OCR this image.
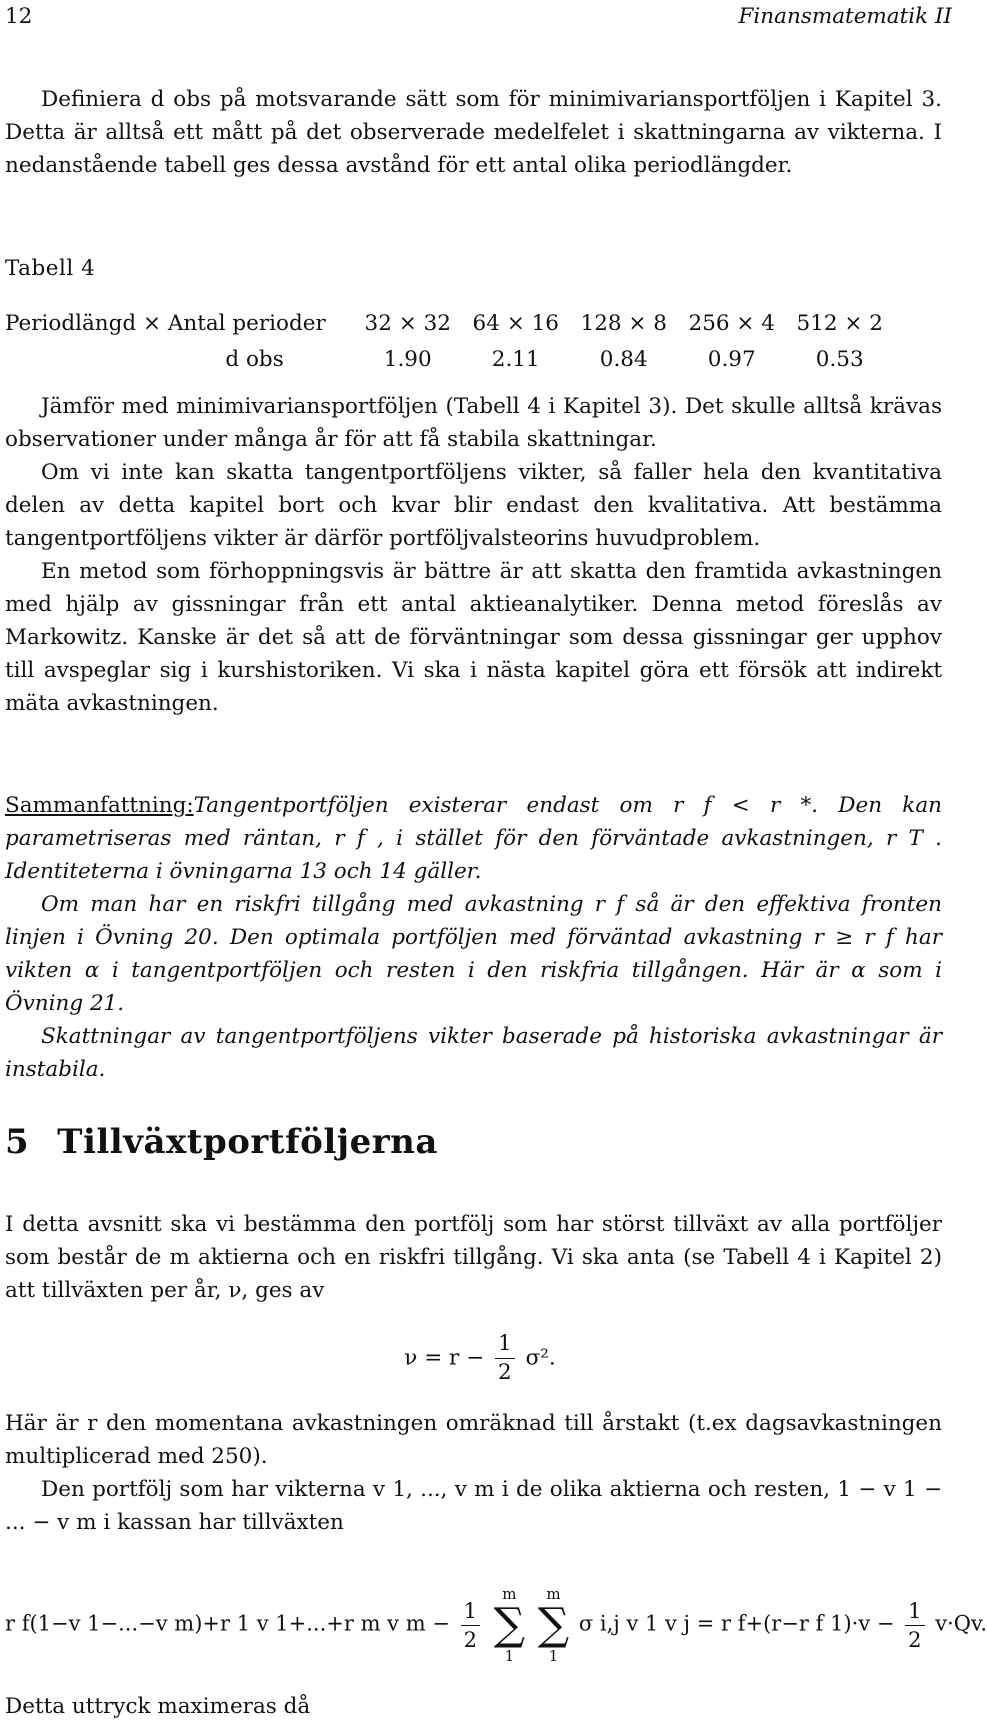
12	Finansmatematik II

Definiera d obs på motsvarande sätt som för minimivariansportföljen i Kapitel 3. Detta är alltså ett mått på det observerade medelfelet i skattningarna av vikterna. I nedanstående tabell ges dessa avstånd för ett antal olika periodlängder.

Tabell 4
Periodlängd × Antal perioder	32 × 32	64 × 16	128 × 8	256 × 4	512 × 2
d obs	1.90	2.11	0.84	0.97	0.53

Jämför med minimivariansportföljen (Tabell 4 i Kapitel 3). Det skulle alltså krävas observationer under många år för att få stabila skattningar.

Om vi inte kan skatta tangentportföljens vikter, så faller hela den kvantitativa delen av detta kapitel bort och kvar blir endast den kvalitativa. Att bestämma tangentportföljens vikter är därför portföljvalsteorins huvudproblem.

En metod som förhoppningsvis är bättre är att skatta den framtida avkastningen med hjälp av gissningar från ett antal aktieanalytiker. Denna metod föreslås av Markowitz. Kanske är det så att de förväntningar som dessa gissningar ger upphov till avspeglar sig i kurshistoriken. Vi ska i nästa kapitel göra ett försök att indirekt mäta avkastningen.

Sammanfattning:Tangentportföljen existerar endast om r f < r *. Den kan parametriseras med räntan, r f , i stället för den förväntade avkastningen, r T . Identiteterna i övningarna 13 och 14 gäller.

Om man har en riskfri tillgång med avkastning r f så är den effektiva fronten linjen i Övning 20. Den optimala portföljen med förväntad avkastning r ≥ r f har vikten α i tangentportföljen och resten i den riskfria tillgången. Här är α som i Övning 21.

Skattningar av tangentportföljens vikter baserade på historiska avkastningar är instabila.

5 Tillväxtportföljerna

I detta avsnitt ska vi bestämma den portfölj som har störst tillväxt av alla portföljer som består de m aktierna och en riskfri tillgång. Vi ska anta (se Tabell 4 i Kapitel 2) att tillväxten per år, ν, ges av

$\nu = r - \frac{1}{2} \sigma^2$.

Här är r den momentana avkastningen omräknad till årstakt (t.ex dagsavkastningen multiplicerad med 250).

Den portfölj som har vikterna v 1, ..., v m i de olika aktierna och resten, 1 − v 1 − ... − v m i kassan har tillväxten

r f(1−v 1−...−v m)+r 1 v 1+...+r m v $m - \frac{1}{2}$

m
∑
1

m
∑
1
σ i,j v 1 v j = r f+(r−r f $1)\cdot v - \frac{1}{2} v\cdot Qv$.

Detta uttryck maximeras då
